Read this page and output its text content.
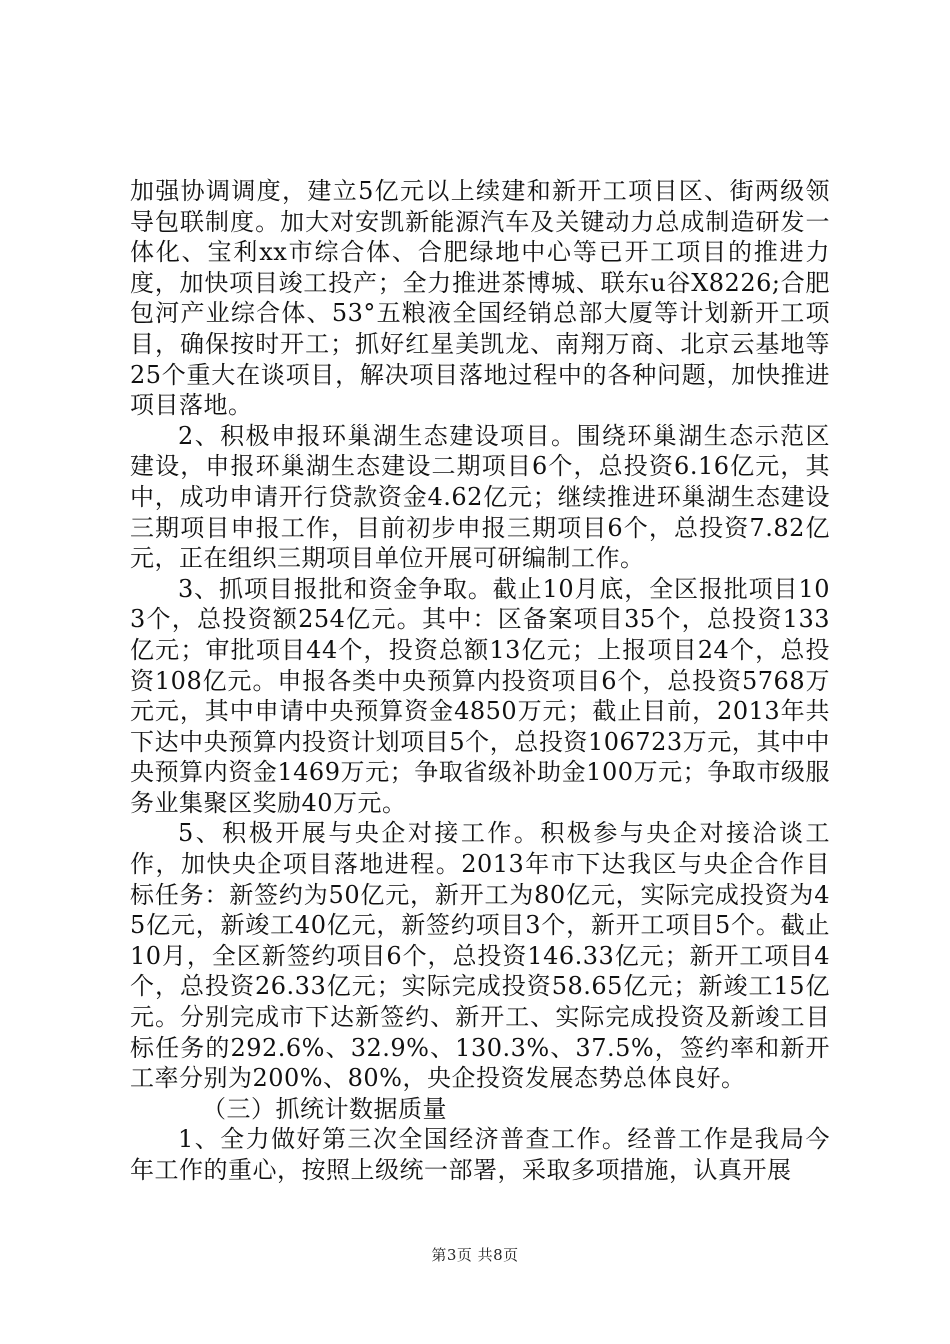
加强协调调度，建立5亿元以上续建和新开工项目区、街两级领导包联制度。加大对安凯新能源汽车及关键动力总成制造研发一体化、宝利xx市综合体、合肥绿地中心等已开工项目的推进力度，加快项目竣工投产；全力推进茶博城、联东u谷X8226;合肥包河产业综合体、53°五粮液全国经销总部大厦等计划新开工项目，确保按时开工；抓好红星美凯龙、南翔万商、北京云基地等25个重大在谈项目，解决项目落地过程中的各种问题，加快推进项目落地。

2、积极申报环巢湖生态建设项目。围绕环巢湖生态示范区建设，申报环巢湖生态建设二期项目6个，总投资6.16亿元，其中，成功申请开行贷款资金4.62亿元；继续推进环巢湖生态建设三期项目申报工作，目前初步申报三期项目6个，总投资7.82亿元，正在组织三期项目单位开展可研编制工作。

3、抓项目报批和资金争取。截止10月底，全区报批项目103个，总投资额254亿元。其中：区备案项目35个，总投资133亿元；审批项目44个，投资总额13亿元；上报项目24个，总投资108亿元。申报各类中央预算内投资项目6个，总投资5768万元元，其中申请中央预算资金4850万元；截止目前，2013年共下达中央预算内投资计划项目5个，总投资106723万元，其中中央预算内资金1469万元；争取省级补助金100万元；争取市级服务业集聚区奖励40万元。

5、积极开展与央企对接工作。积极参与央企对接洽谈工作，加快央企项目落地进程。2013年市下达我区与央企合作目标任务：新签约为50亿元，新开工为80亿元，实际完成投资为45亿元，新竣工40亿元，新签约项目3个，新开工项目5个。截止10月，全区新签约项目6个，总投资146.33亿元；新开工项目4个，总投资26.33亿元；实际完成投资58.65亿元；新竣工15亿元。分别完成市下达新签约、新开工、实际完成投资及新竣工目标任务的292.6%、32.9%、130.3%、37.5%，签约率和新开工率分别为200%、80%，央企投资发展态势总体良好。

（三）抓统计数据质量

1、全力做好第三次全国经济普查工作。经普工作是我局今年工作的重心，按照上级统一部署，采取多项措施，认真开展

第3页 共8页
